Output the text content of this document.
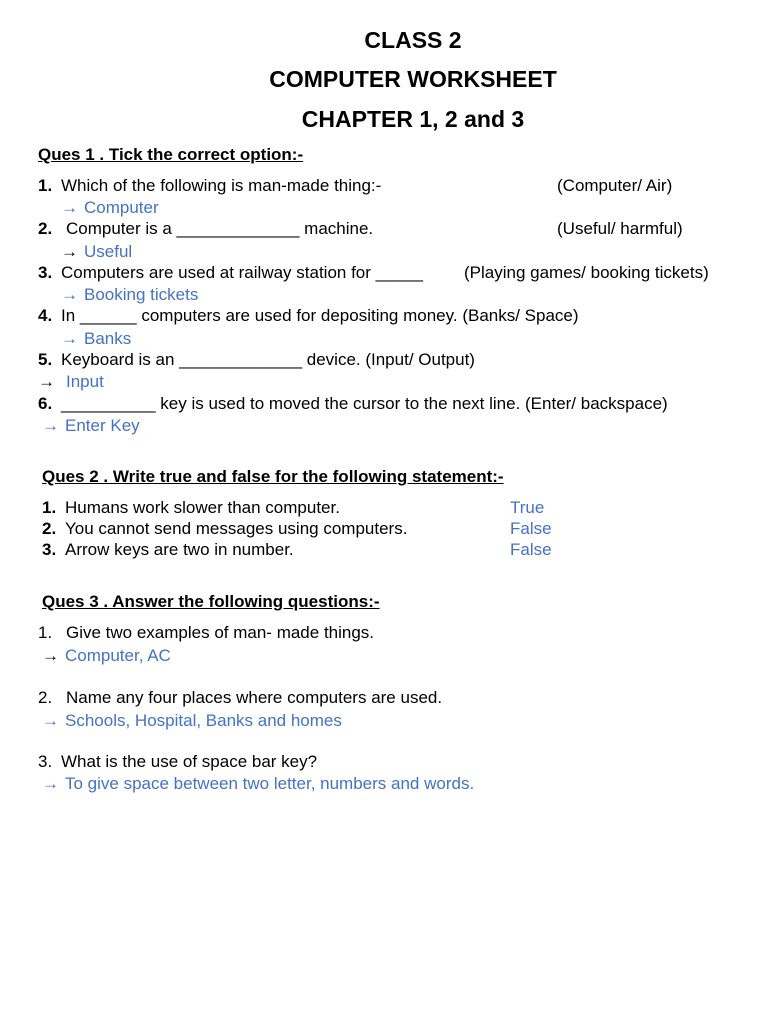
CLASS 2
COMPUTER WORKSHEET
CHAPTER 1, 2 and 3
Ques 1 . Tick the correct option:-
1. Which of the following is man-made thing:-	(Computer/ Air)
→ Computer
2. Computer is a _____________ machine.	(Useful/ harmful)
→ Useful
3. Computers are used at railway station for _____ (Playing games/ booking tickets)
→ Booking tickets
4. In ______ computers are used for depositing money. (Banks/ Space)
→ Banks
5. Keyboard is an _____________ device. (Input/ Output)
→ Input
6. __________ key is used to moved the cursor to the next line. (Enter/ backspace)
→ Enter Key
Ques 2 . Write true and false for the following statement:-
1. Humans work slower than computer.	True
2. You cannot send messages using computers.	False
3. Arrow keys are two in number.	False
Ques 3 . Answer the following questions:-
1. Give two examples of man- made things.
→ Computer, AC
2. Name any four places where computers are used.
→ Schools, Hospital, Banks and homes
3. What is the use of space bar key?
→ To give space between two letter, numbers and words.
